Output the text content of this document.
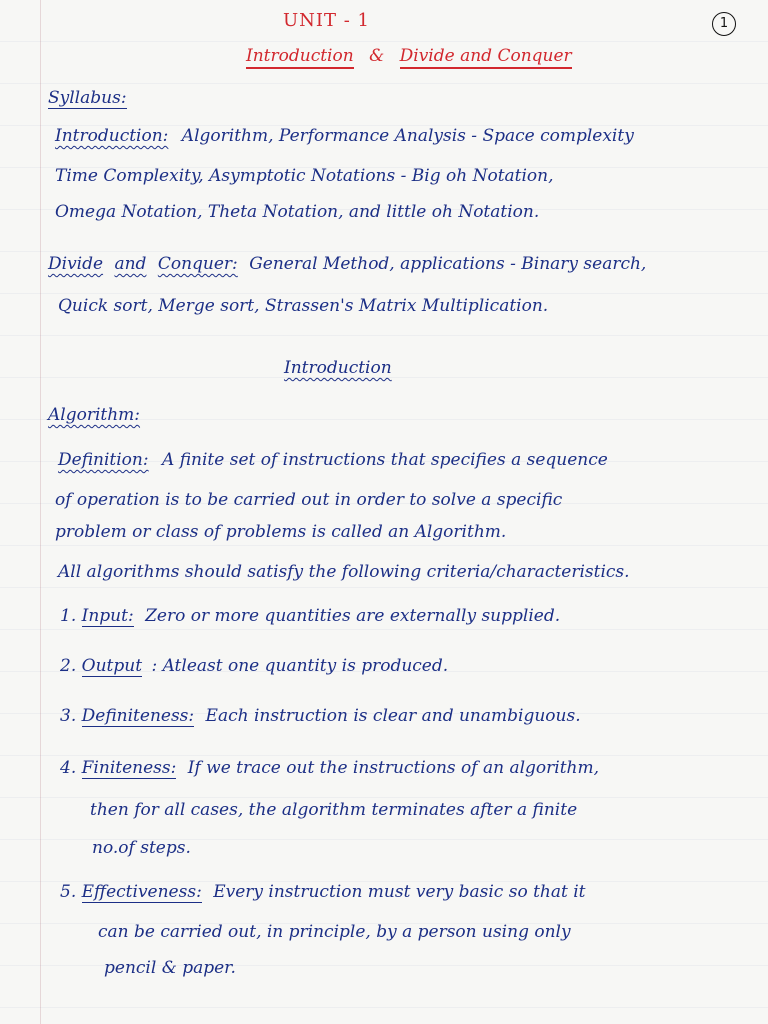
UNIT - 1	1
Introduction & Divide and Conquer
Syllabus:
Introduction: Algorithm, Performance Analysis - Space complexity
Time Complexity, Asymptotic Notations - Big oh Notation,
Omega Notation, Theta Notation, and little oh Notation.
Divide and Conquer: General Method, applications - Binary search,
Quick sort, Merge sort, Strassen's Matrix Multiplication.
Introduction
Algorithm:
Definition: A finite set of instructions that specifies a sequence
of operation is to be carried out in order to solve a specific
problem or class of problems is called an Algorithm.
All algorithms should satisfy the following criteria/characteristics.
1. Input: Zero or more quantities are externally supplied.
2. Output : Atleast one quantity is produced.
3. Definiteness: Each instruction is clear and unambiguous.
4. Finiteness: If we trace out the instructions of an algorithm,
then for all cases, the algorithm terminates after a finite
no.of steps.
5. Effectiveness: Every instruction must very basic so that it
can be carried out, in principle, by a person using only
pencil & paper.
